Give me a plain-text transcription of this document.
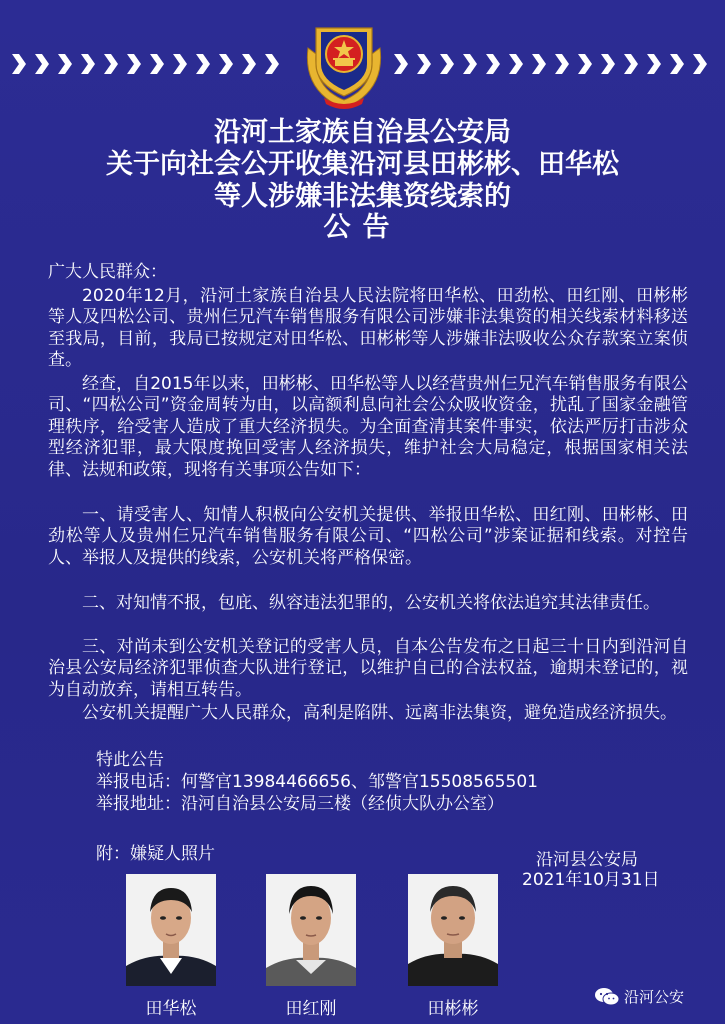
沿河土家族自治县公安局
关于向社会公开收集沿河县田彬彬、田华松
等人涉嫌非法集资线索的
公告
广大人民群众：
2020年12月，沿河土家族自治县人民法院将田华松、田劲松、田红刚、田彬彬等人及四松公司、贵州仨兄汽车销售服务有限公司涉嫌非法集资的相关线索材料移送至我局，目前，我局已按规定对田华松、田彬彬等人涉嫌非法吸收公众存款案立案侦查。
经查，自2015年以来，田彬彬、田华松等人以经营贵州仨兄汽车销售服务有限公司、“四松公司”资金周转为由，以高额利息向社会公众吸收资金，扰乱了国家金融管理秩序，给受害人造成了重大经济损失。为全面查清其案件事实，依法严厉打击涉众型经济犯罪，最大限度挽回受害人经济损失，维护社会大局稳定，根据国家相关法律、法规和政策，现将有关事项公告如下：
一、请受害人、知情人积极向公安机关提供、举报田华松、田红刚、田彬彬、田劲松等人及贵州仨兄汽车销售服务有限公司、“四松公司”涉案证据和线索。对控告人、举报人及提供的线索，公安机关将严格保密。
二、对知情不报，包庇、纵容违法犯罪的，公安机关将依法追究其法律责任。
三、对尚未到公安机关登记的受害人员，自本公告发布之日起三十日内到沿河自治县公安局经济犯罪侦查大队进行登记，以维护自己的合法权益，逾期未登记的，视为自动放弃，请相互转告。
公安机关提醒广大人民群众，高利是陷阱、远离非法集资，避免造成经济损失。
特此公告
举报电话：何警官13984466656、邹警官15508565501
举报地址：沿河自治县公安局三楼（经侦大队办公室）
附：嫌疑人照片	沿河县公安局
2021年10月31日
田华松	田红刚	田彬彬
沿河公安
